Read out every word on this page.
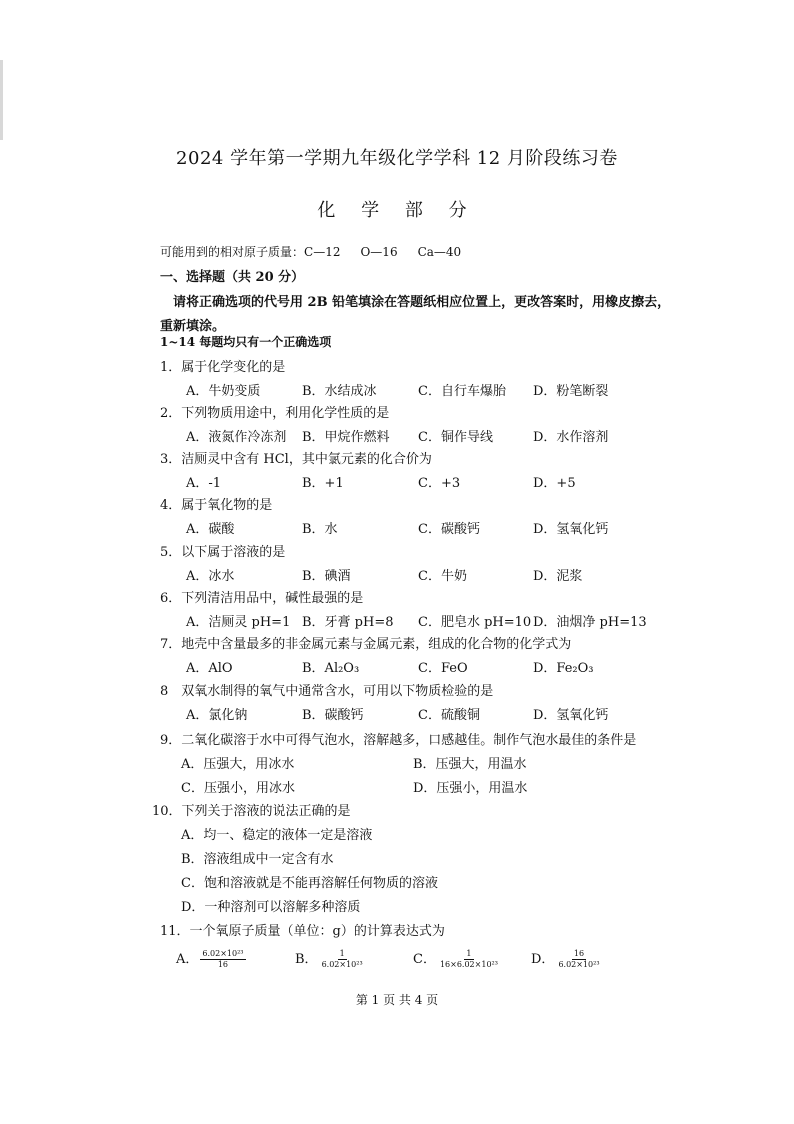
2024 学年第一学期九年级化学学科 12 月阶段练习卷
化 学 部 分
可能用到的相对原子质量：C—12 O—16 Ca—40
一、选择题（共 20 分）
请将正确选项的代号用 2B 铅笔填涂在答题纸相应位置上，更改答案时，用橡皮擦去，
重新填涂。
1~14 每题均只有一个正确选项
1．属于化学变化的是
A．牛奶变质	B．水结成冰	C．自行车爆胎 D．粉笔断裂
2．下列物质用途中，利用化学性质的是
A．液氮作冷冻剂 B．甲烷作燃料 C．铜作导线	D．水作溶剂
3．洁厕灵中含有 HCl，其中氯元素的化合价为
A．-1	B．+1	C．+3	D．+5
4．属于氧化物的是
A．碳酸	B．水	C．碳酸钙	D．氢氧化钙
5．以下属于溶液的是
A．冰水	B．碘酒	C．牛奶	D．泥浆
6．下列清洁用品中，碱性最强的是
A．洁厕灵 pH=1 B．牙膏 pH=8 C．肥皂水 pH=10 D．油烟净 pH=13
7．地壳中含量最多的非金属元素与金属元素，组成的化合物的化学式为
A．AlO	B．Al₂O₃	C．FeO	D．Fe₂O₃
8　双氧水制得的氧气中通常含水，可用以下物质检验的是
A．氯化钠	B．碳酸钙	C．硫酸铜	D．氢氧化钙
9．二氧化碳溶于水中可得气泡水，溶解越多，口感越佳。制作气泡水最佳的条件是
A．压强大，用冰水	B．压强大，用温水
C．压强小，用冰水	D．压强小，用温水
10．下列关于溶液的说法正确的是
A．均一、稳定的液体一定是溶液
B．溶液组成中一定含有水
C．饱和溶液就是不能再溶解任何物质的溶液
D．一种溶剂可以溶解多种溶质
11．一个氧原子质量（单位：g）的计算表达式为
A． $\frac{\text{6.02×10²³}}{16}$	B． $\frac{1}{\text{6.02×10²³}}$	C． $\frac{1}{\text{16×6.02×10²³}}$ D． $\frac{16}{\text{6.02×10²³}}$
第 1 页 共 4 页
